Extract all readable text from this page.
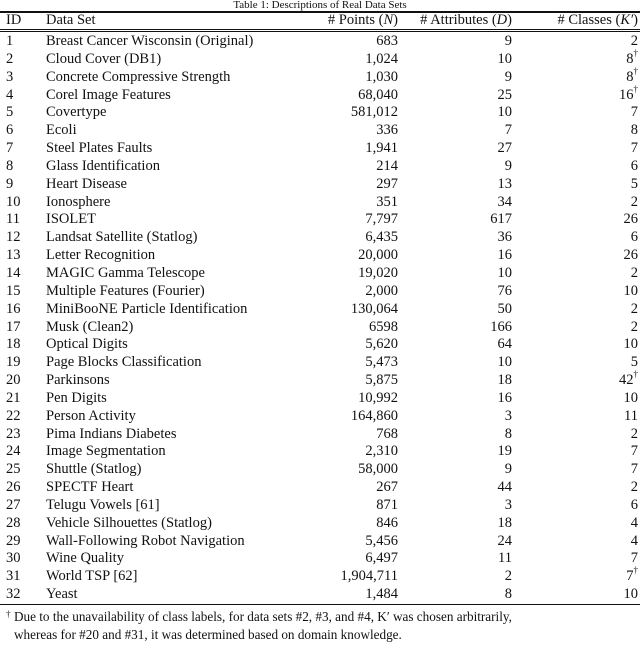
Table 1: Descriptions of Real Data Sets
ID	Data Set	# Points (N)	# Attributes (D)	# Classes (K′)
1	Breast Cancer Wisconsin (Original)	683	9	2
2	Cloud Cover (DB1)	1,024	10	8†
3	Concrete Compressive Strength	1,030	9	8†
4	Corel Image Features	68,040	25	16†
5	Covertype	581,012	10	7
6	Ecoli	336	7	8
7	Steel Plates Faults	1,941	27	7
8	Glass Identification	214	9	6
9	Heart Disease	297	13	5
10	Ionosphere	351	34	2
11	ISOLET	7,797	617	26
12	Landsat Satellite (Statlog)	6,435	36	6
13	Letter Recognition	20,000	16	26
14	MAGIC Gamma Telescope	19,020	10	2
15	Multiple Features (Fourier)	2,000	76	10
16	MiniBooNE Particle Identification	130,064	50	2
17	Musk (Clean2)	6598	166	2
18	Optical Digits	5,620	64	10
19	Page Blocks Classification	5,473	10	5
20	Parkinsons	5,875	18	42†
21	Pen Digits	10,992	16	10
22	Person Activity	164,860	3	11
23	Pima Indians Diabetes	768	8	2
24	Image Segmentation	2,310	19	7
25	Shuttle (Statlog)	58,000	9	7
26	SPECTF Heart	267	44	2
27	Telugu Vowels [61]	871	3	6
28	Vehicle Silhouettes (Statlog)	846	18	4
29	Wall-Following Robot Navigation	5,456	24	4
30	Wine Quality	6,497	11	7
31	World TSP [62]	1,904,711	2	7†
32	Yeast	1,484	8	10
† Due to the unavailability of class labels, for data sets #2, #3, and #4, K′ was chosen arbitrarily,
whereas for #20 and #31, it was determined based on domain knowledge.
